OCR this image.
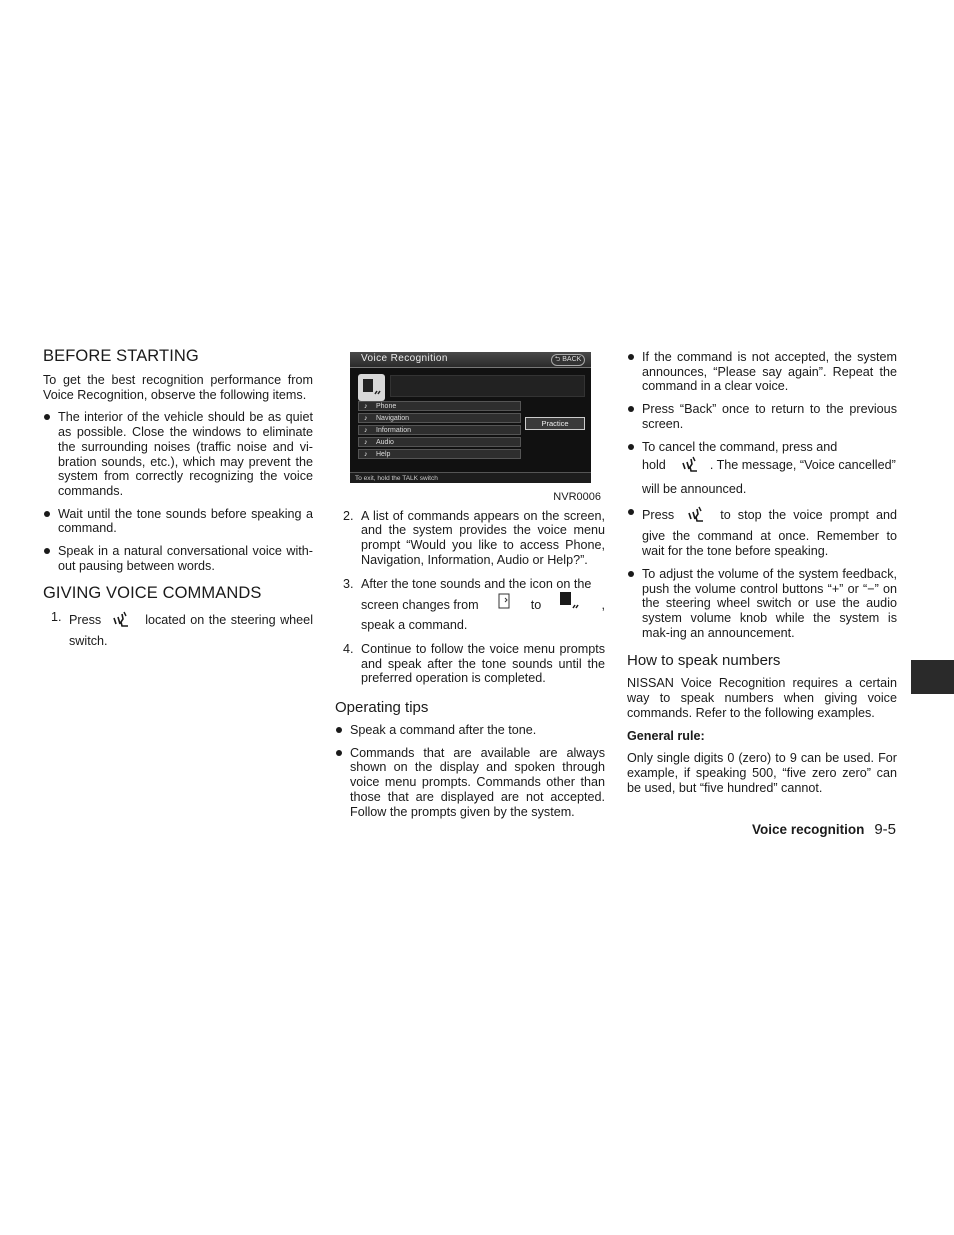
BEFORE STARTING

To get the best recognition performance from Voice Recognition, observe the following items.

The interior of the vehicle should be as quiet as possible. Close the windows to eliminate the surrounding noises (traffic noise and vi-bration sounds, etc.), which may prevent the system from correctly recognizing the voice commands.
Wait until the tone sounds before speaking a command.
Speak in a natural conversational voice with-out pausing between words.
GIVING VOICE COMMANDS
1. Press	located on the steering wheel switch.
Voice Recognition	⮌ BACK
♪ Phone
♪ Navigation
♪ Information
♪ Audio
♪ Help
Practice
To exit, hold the TALK switch
NVR0006
2. A list of commands appears on the screen, and the system provides the voice menu prompt “Would you like to access Phone, Navigation, Information, Audio or Help?”.
3. After the tone sounds and the icon on the
screen changes from	to	,
speak a command.
4. Continue to follow the voice menu prompts and speak after the tone sounds until the preferred operation is completed.
Operating tips
Speak a command after the tone.
Commands that are available are always shown on the display and spoken through voice menu prompts. Commands other than those that are displayed are not accepted. Follow the prompts given by the system.
If the command is not accepted, the system announces, “Please say again”. Repeat the command in a clear voice.
Press “Back” once to return to the previous screen.
To cancel the command, press and
hold	. The message, “Voice cancelled”
will be announced.
Press	to stop the voice prompt and give the command at once. Remember to wait for the tone before speaking.
To adjust the volume of the system feedback, push the volume control buttons “+” or “−” on the steering wheel switch or use the audio system volume knob while the system is mak-ing an announcement.
How to speak numbers

NISSAN Voice Recognition requires a certain way to speak numbers when giving voice commands. Refer to the following examples.

General rule:

Only single digits 0 (zero) to 9 can be used. For example, if speaking 500, “five zero zero” can be used, but “five hundred” cannot.

Voice recognition 9-5
